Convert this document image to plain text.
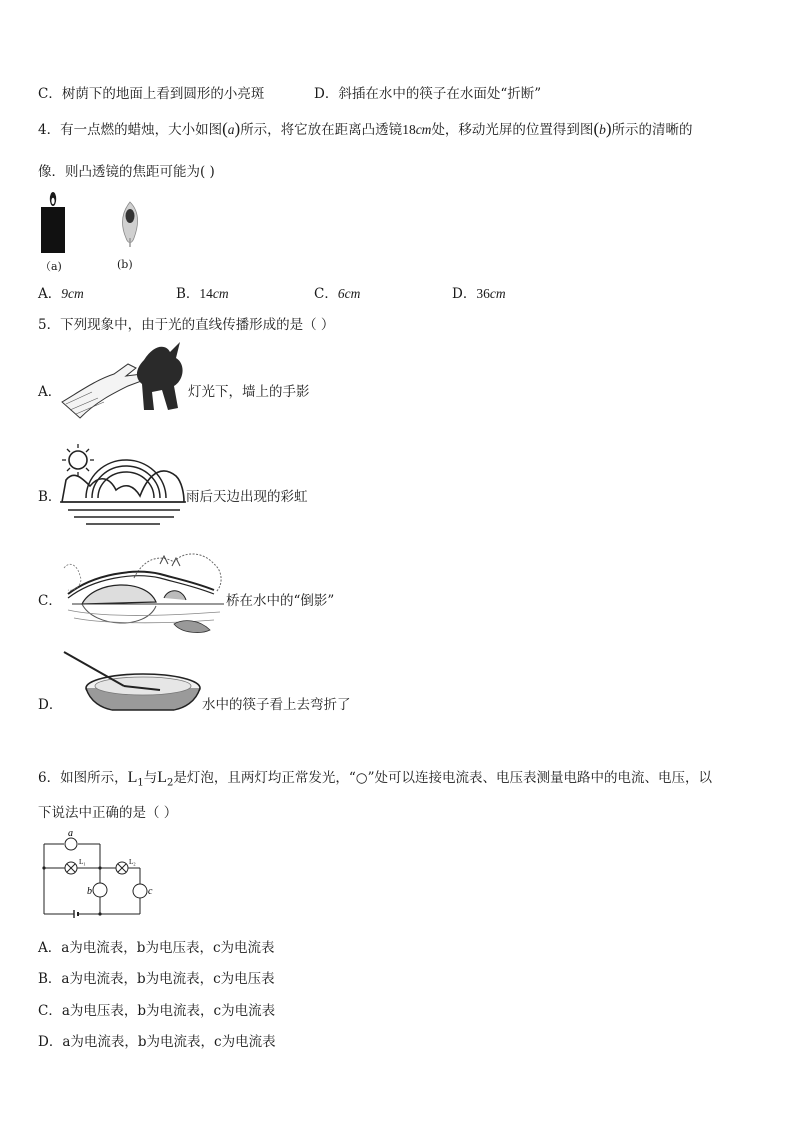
C．树荫下的地面上看到圆形的小亮斑	D．斜插在水中的筷子在水面处“折断”
4．有一点燃的蜡烛，大小如图(a)所示，将它放在距离凸透镜18cm处，移动光屏的位置得到图(b)所示的清晰的
像．则凸透镜的焦距可能为( )
（a)	(b)
A．9cm	B．14cm	C．6cm	D．36cm
5．下列现象中，由于光的直线传播形成的是（ ）
A．	灯光下，墙上的手影
B．	雨后天边出现的彩虹
C．	桥在水中的“倒影”
D．	水中的筷子看上去弯折了
6．如图所示，$L_1$与$L_2$是灯泡，且两灯均正常发光，“○”处可以连接电流表、电压表测量电路中的电流、电压，以
下说法中正确的是（ ）
a
L₁	L₂
b	c
A．a为电流表，b为电压表，c为电流表
B．a为电流表，b为电流表，c为电压表
C．a为电压表，b为电流表，c为电流表
D．a为电流表，b为电流表，c为电流表
